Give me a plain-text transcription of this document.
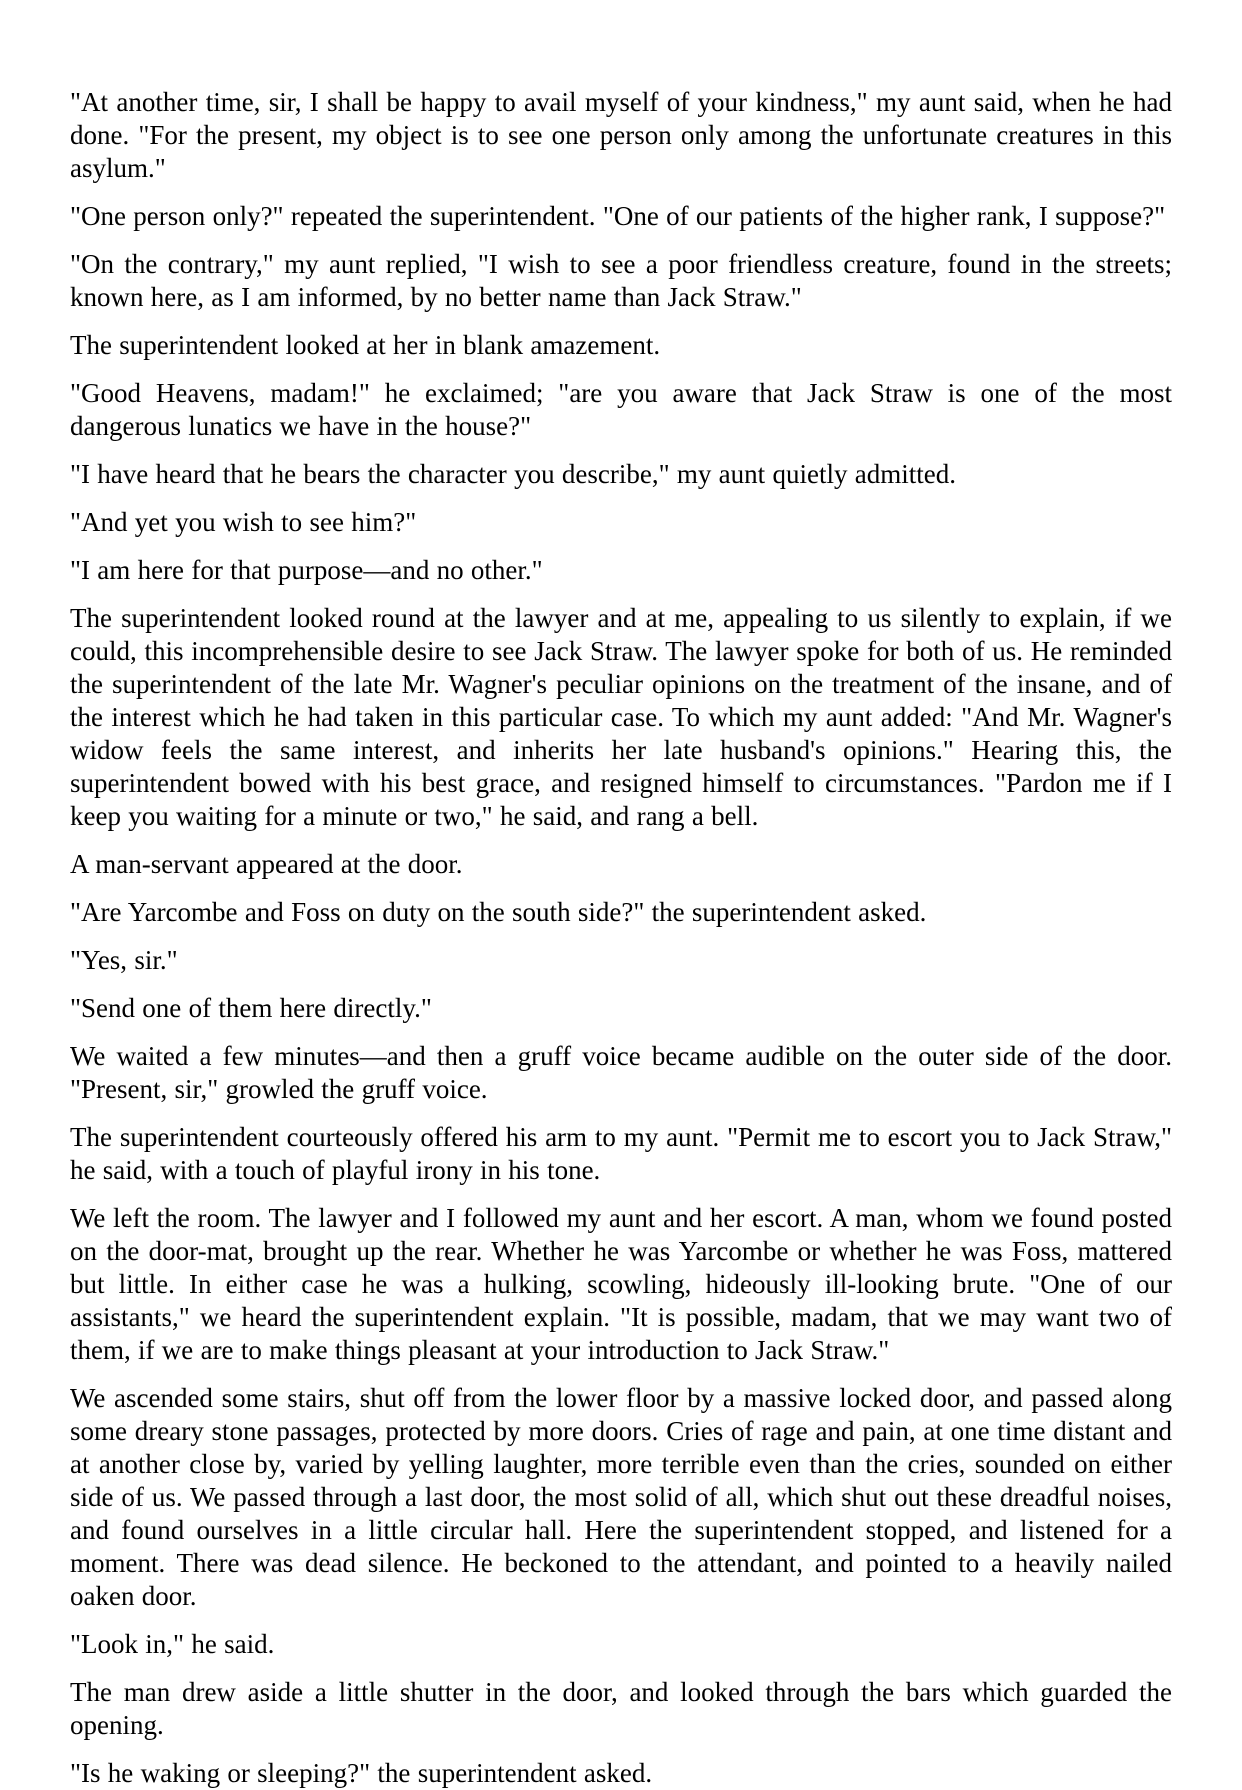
"At another time, sir, I shall be happy to avail myself of your kindness," my aunt said, when he had done. "For the present, my object is to see one person only among the unfortunate creatures in this asylum."

"One person only?" repeated the superintendent. "One of our patients of the higher rank, I suppose?"

"On the contrary," my aunt replied, "I wish to see a poor friendless creature, found in the streets; known here, as I am informed, by no better name than Jack Straw."

The superintendent looked at her in blank amazement.

"Good Heavens, madam!" he exclaimed; "are you aware that Jack Straw is one of the most dangerous lunatics we have in the house?"

"I have heard that he bears the character you describe," my aunt quietly admitted.

"And yet you wish to see him?"

"I am here for that purpose—and no other."

The superintendent looked round at the lawyer and at me, appealing to us silently to explain, if we could, this incomprehensible desire to see Jack Straw. The lawyer spoke for both of us. He reminded the superintendent of the late Mr. Wagner's peculiar opinions on the treatment of the insane, and of the interest which he had taken in this particular case. To which my aunt added: "And Mr. Wagner's widow feels the same interest, and inherits her late husband's opinions." Hearing this, the superintendent bowed with his best grace, and resigned himself to circumstances. "Pardon me if I keep you waiting for a minute or two," he said, and rang a bell.

A man-servant appeared at the door.

"Are Yarcombe and Foss on duty on the south side?" the superintendent asked.

"Yes, sir."

"Send one of them here directly."

We waited a few minutes—and then a gruff voice became audible on the outer side of the door. "Present, sir," growled the gruff voice.

The superintendent courteously offered his arm to my aunt. "Permit me to escort you to Jack Straw," he said, with a touch of playful irony in his tone.

We left the room. The lawyer and I followed my aunt and her escort. A man, whom we found posted on the door-mat, brought up the rear. Whether he was Yarcombe or whether he was Foss, mattered but little. In either case he was a hulking, scowling, hideously ill-looking brute. "One of our assistants," we heard the superintendent explain. "It is possible, madam, that we may want two of them, if we are to make things pleasant at your introduction to Jack Straw."

We ascended some stairs, shut off from the lower floor by a massive locked door, and passed along some dreary stone passages, protected by more doors. Cries of rage and pain, at one time distant and at another close by, varied by yelling laughter, more terrible even than the cries, sounded on either side of us. We passed through a last door, the most solid of all, which shut out these dreadful noises, and found ourselves in a little circular hall. Here the superintendent stopped, and listened for a moment. There was dead silence. He beckoned to the attendant, and pointed to a heavily nailed oaken door.

"Look in," he said.

The man drew aside a little shutter in the door, and looked through the bars which guarded the opening.

"Is he waking or sleeping?" the superintendent asked.
